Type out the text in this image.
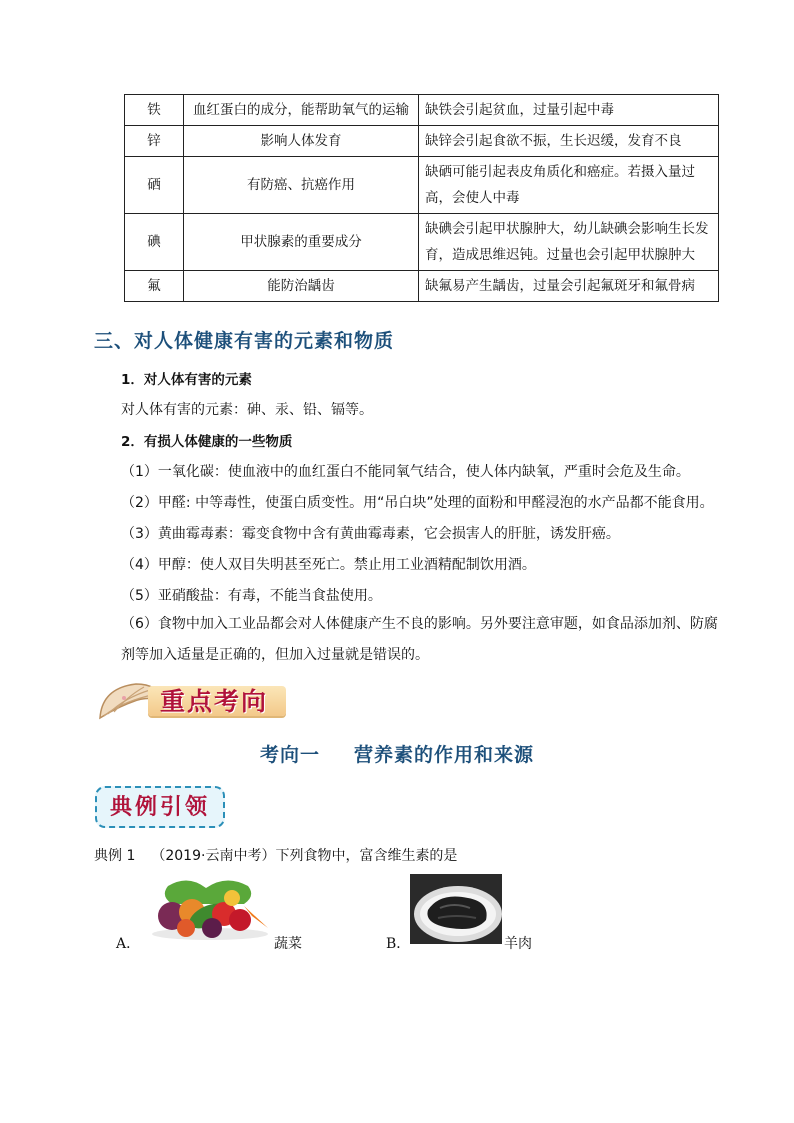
铁	血红蛋白的成分，能帮助氧气的运输	缺铁会引起贫血，过量引起中毒
锌	影响人体发育	缺锌会引起食欲不振，生长迟缓，发育不良
硒	有防癌、抗癌作用	缺硒可能引起表皮角质化和癌症。若摄入量过高，会使人中毒
碘	甲状腺素的重要成分	缺碘会引起甲状腺肿大，幼儿缺碘会影响生长发育，造成思维迟钝。过量也会引起甲状腺肿大
氟	能防治龋齿	缺氟易产生龋齿，过量会引起氟斑牙和氟骨病
三、对人体健康有害的元素和物质

1．对人体有害的元素

对人体有害的元素：砷、汞、铅、镉等。

2．有损人体健康的一些物质

（1）一氧化碳：使血液中的血红蛋白不能同氧气结合，使人体内缺氧，严重时会危及生命。

（2）甲醛: 中等毒性，使蛋白质变性。用“吊白块”处理的面粉和甲醛浸泡的水产品都不能食用。

（3）黄曲霉毒素：霉变食物中含有黄曲霉毒素，它会损害人的肝脏，诱发肝癌。

（4）甲醇：使人双目失明甚至死亡。禁止用工业酒精配制饮用酒。

（5）亚硝酸盐：有毒，不能当食盐使用。

（6）食物中加入工业品都会对人体健康产生不良的影响。另外要注意审题，如食品添加剂、防腐剂等加入适量是正确的，但加入过量就是错误的。

重点考向
考向一 营养素的作用和来源
典例引领

典例 1 （2019·云南中考）下列食物中，富含维生素的是

A．	蔬菜	B．	羊肉
